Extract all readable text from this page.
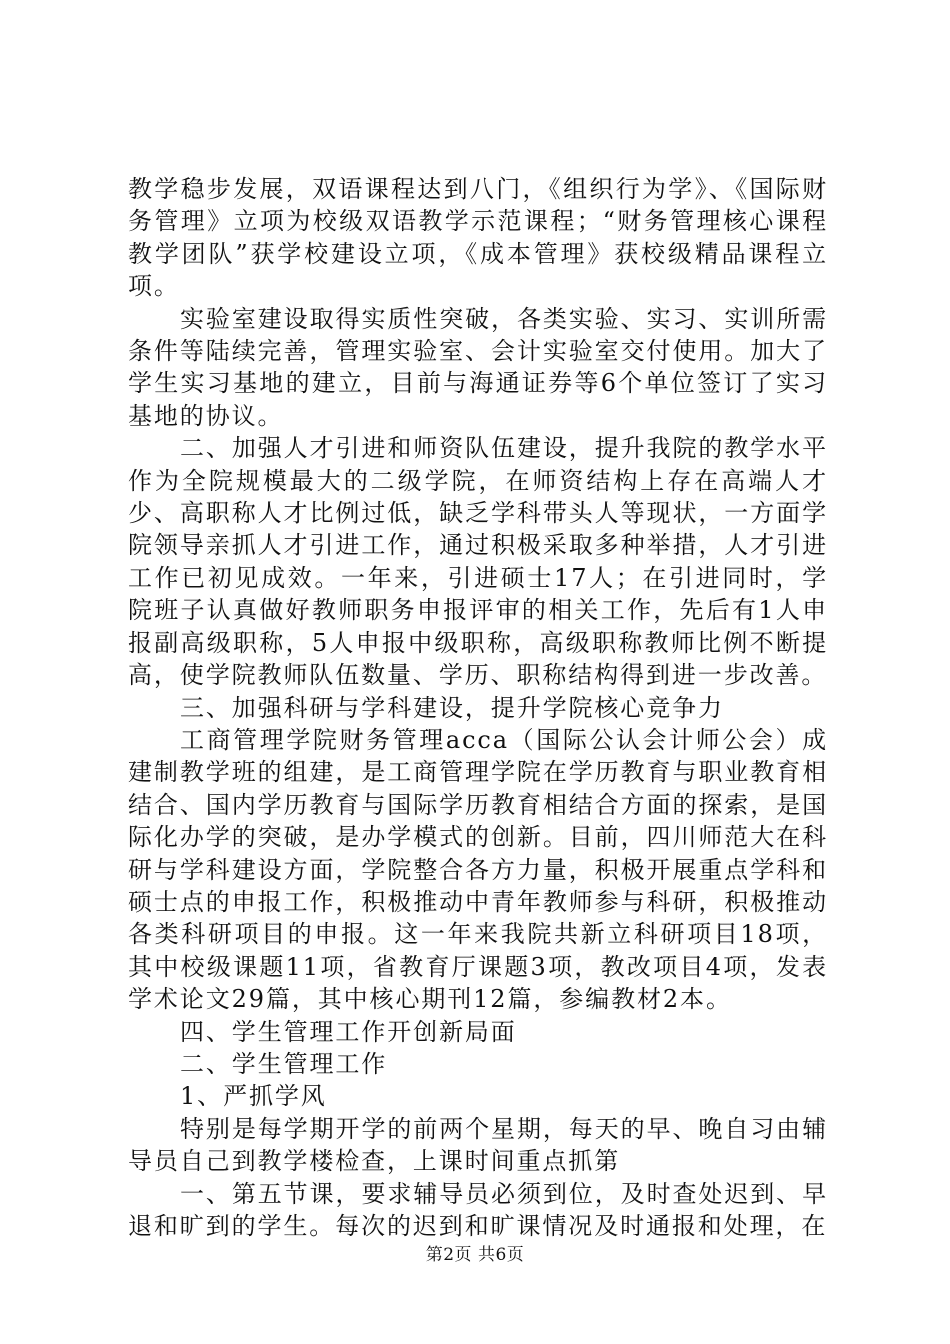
教学稳步发展，双语课程达到八门，《组织行为学》、《国际财务管理》立项为校级双语教学示范课程；“财务管理核心课程教学团队”获学校建设立项，《成本管理》获校级精品课程立项。

实验室建设取得实质性突破，各类实验、实习、实训所需条件等陆续完善，管理实验室、会计实验室交付使用。加大了学生实习基地的建立，目前与海通证券等6个单位签订了实习基地的协议。

二、加强人才引进和师资队伍建设，提升我院的教学水平作为全院规模最大的二级学院，在师资结构上存在高端人才少、高职称人才比例过低，缺乏学科带头人等现状，一方面学院领导亲抓人才引进工作，通过积极采取多种举措，人才引进工作已初见成效。一年来，引进硕士17人；在引进同时，学院班子认真做好教师职务申报评审的相关工作，先后有1人申报副高级职称，5人申报中级职称，高级职称教师比例不断提高，使学院教师队伍数量、学历、职称结构得到进一步改善。

三、加强科研与学科建设，提升学院核心竞争力

工商管理学院财务管理acca（国际公认会计师公会）成建制教学班的组建，是工商管理学院在学历教育与职业教育相结合、国内学历教育与国际学历教育相结合方面的探索，是国际化办学的突破，是办学模式的创新。目前，四川师范大在科研与学科建设方面，学院整合各方力量，积极开展重点学科和硕士点的申报工作，积极推动中青年教师参与科研，积极推动各类科研项目的申报。这一年来我院共新立科研项目18项，其中校级课题11项，省教育厅课题3项，教改项目4项，发表学术论文29篇，其中核心期刊12篇，参编教材2本。

四、学生管理工作开创新局面

二、学生管理工作

1、严抓学风

特别是每学期开学的前两个星期，每天的早、晚自习由辅导员自己到教学楼检查，上课时间重点抓第

一、第五节课，要求辅导员必须到位，及时查处迟到、早退和旷到的学生。每次的迟到和旷课情况及时通报和处理，在

第2页 共6页
